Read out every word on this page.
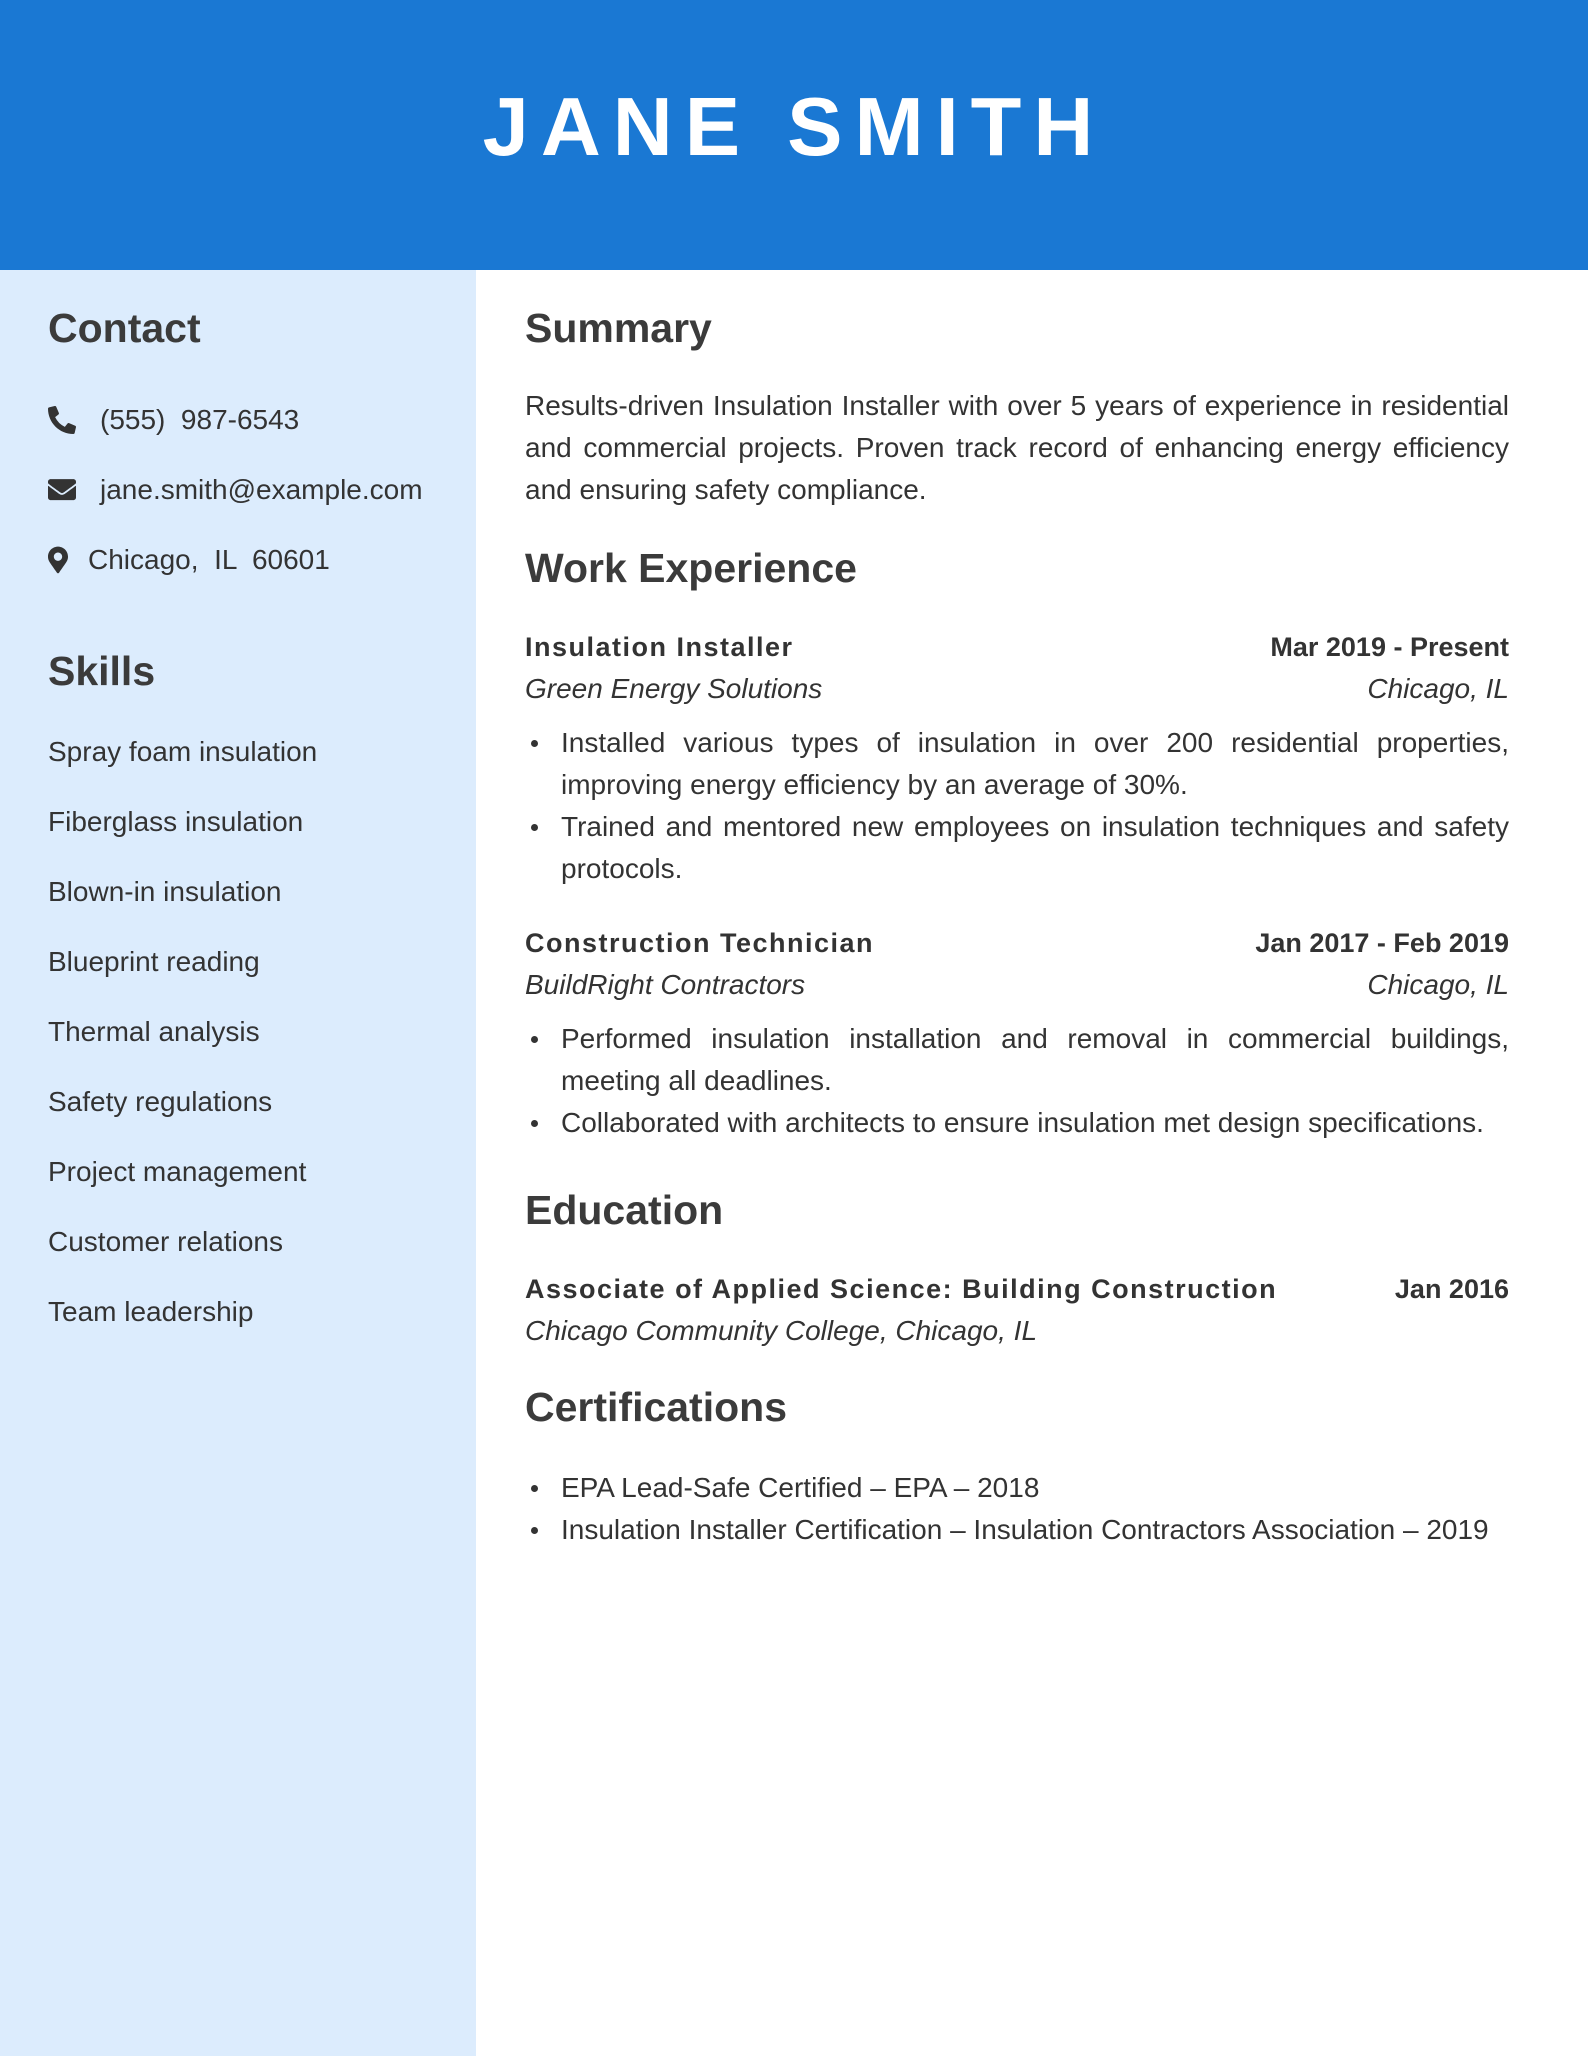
JANE SMITH
Contact
(555)  987-6543
jane.smith@example.com
Chicago,  IL  60601
Skills
Spray foam insulation
Fiberglass insulation
Blown-in insulation
Blueprint reading
Thermal analysis
Safety regulations
Project management
Customer relations
Team leadership
Summary

Results-driven Insulation Installer with over 5 years of experience in residential and commercial projects. Proven track record of enhancing energy efficiency and ensuring safety compliance.

Work Experience
Insulation Installer	Mar 2019 - Present
Green Energy Solutions	Chicago, IL
Installed various types of insulation in over 200 residential properties, improving energy efficiency by an average of 30%.
Trained and mentored new employees on insulation techniques and safety protocols.
Construction Technician	Jan 2017 - Feb 2019
BuildRight Contractors	Chicago, IL
Performed insulation installation and removal in commercial buildings, meeting all deadlines.
Collaborated with architects to ensure insulation met design specifications.
Education
Associate of Applied Science: Building Construction	Jan 2016
Chicago Community College, Chicago, IL
Certifications
EPA Lead-Safe Certified – EPA – 2018
Insulation Installer Certification – Insulation Contractors Association – 2019
